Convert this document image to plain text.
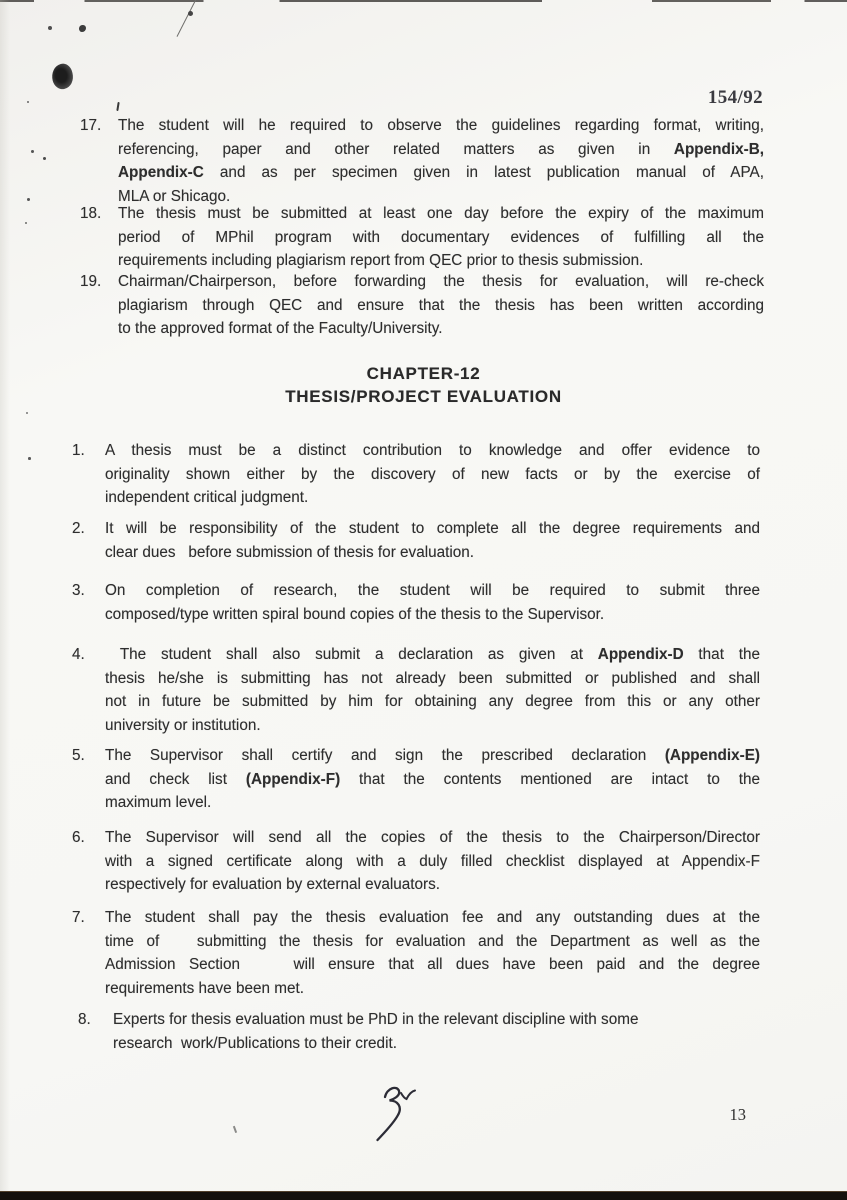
154/92
17.	The student will he required to observe the guidelines regarding format, writing,
referencing, paper and other related matters as given in Appendix-B,
Appendix-C and as per specimen given in latest publication manual of APA,
MLA or Shicago.
18.	The thesis must be submitted at least one day before the expiry of the maximum
period of MPhil program with documentary evidences of fulfilling all the
requirements including plagiarism report from QEC prior to thesis submission.
19.	Chairman/Chairperson, before forwarding the thesis for evaluation, will re-check
plagiarism through QEC and ensure that the thesis has been written according
to the approved format of the Faculty/University.
CHAPTER-12
THESIS/PROJECT EVALUATION
1.	A thesis must be a distinct contribution to knowledge and offer evidence to
originality shown either by the discovery of new facts or by the exercise of
independent critical judgment.
2.	It will be responsibility of the student to complete all the degree requirements and
clear dues   before submission of thesis for evaluation.
3.	On completion of research, the student will be required to submit three
composed/type written spiral bound copies of the thesis to the Supervisor.
4.	The student shall also submit a declaration as given at Appendix-D that the
thesis he/she is submitting has not already been submitted or published and shall
not in future be submitted by him for obtaining any degree from this or any other
university or institution.
5.	The Supervisor shall certify and sign the prescribed declaration (Appendix-E)
and check list (Appendix-F) that the contents mentioned are intact to the
maximum level.
6.	The Supervisor will send all the copies of the thesis to the Chairperson/Director
with a signed certificate along with a duly filled checklist displayed at Appendix-F
respectively for evaluation by external evaluators.
7.	The student shall pay the thesis evaluation fee and any outstanding dues at the
time of   submitting the thesis for evaluation and the Department as well as the
Admission Section    will ensure that all dues have been paid and the degree
requirements have been met.
8.	Experts for thesis evaluation must be PhD in the relevant discipline with some
research  work/Publications to their credit.
13
